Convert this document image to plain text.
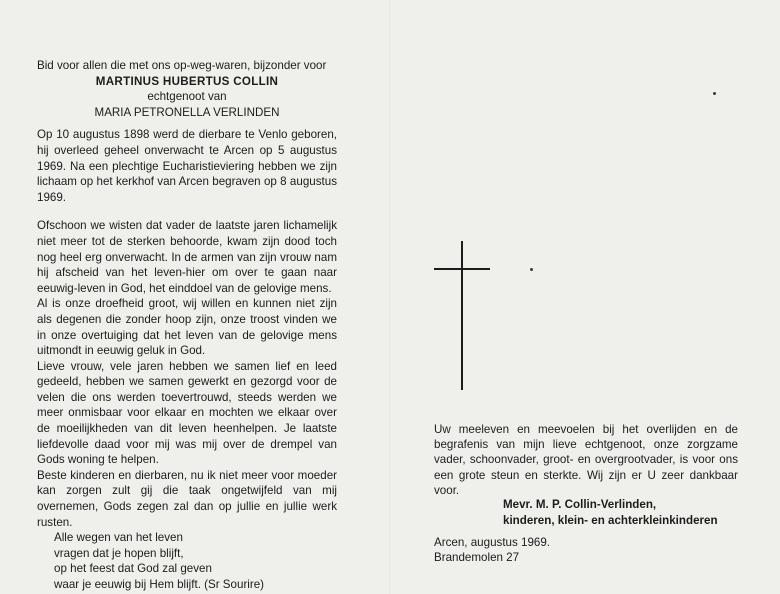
Bid voor allen die met ons op-weg-waren, bijzonder voor

MARTINUS HUBERTUS COLLIN

echtgenoot van

MARIA PETRONELLA VERLINDEN

Op 10 augustus 1898 werd de dierbare te Venlo geboren, hij overleed geheel onverwacht te Arcen op 5 augustus 1969. Na een plechtige Eucharistieviering hebben we zijn lichaam op het kerkhof van Arcen begraven op 8 augustus 1969.

Ofschoon we wisten dat vader de laatste jaren lichamelijk niet meer tot de sterken behoorde, kwam zijn dood toch nog heel erg onverwacht. In de armen van zijn vrouw nam hij afscheid van het leven-hier om over te gaan naar eeuwig-leven in God, het einddoel van de gelovige mens.

Al is onze droefheid groot, wij willen en kunnen niet zijn als degenen die zonder hoop zijn, onze troost vinden we in onze overtuiging dat het leven van de gelovige mens uitmondt in eeuwig geluk in God.

Lieve vrouw, vele jaren hebben we samen lief en leed gedeeld, hebben we samen gewerkt en gezorgd voor de velen die ons werden toevertrouwd, steeds werden we meer onmisbaar voor elkaar en mochten we elkaar over de moeilijkheden van dit leven heenhelpen. Je laatste liefdevolle daad voor mij was mij over de drempel van Gods woning te helpen.

Beste kinderen en dierbaren, nu ik niet meer voor moeder kan zorgen zult gij die taak ongetwijfeld van mij overnemen, Gods zegen zal dan op jullie en jullie werk rusten.

Alle wegen van het leven

vragen dat je hopen blijft,

op het feest dat God zal geven

waar je eeuwig bij Hem blijft. (Sr Sourire)

Uw meeleven en meevoelen bij het overlijden en de begrafenis van mijn lieve echtgenoot, onze zorgzame vader, schoonvader, groot- en overgrootvader, is voor ons een grote steun en sterkte. Wij zijn er U zeer dankbaar voor.

Mevr. M. P. Collin-Verlinden,
kinderen, klein- en achterkleinkinderen

Arcen, augustus 1969.

Brandemolen 27
